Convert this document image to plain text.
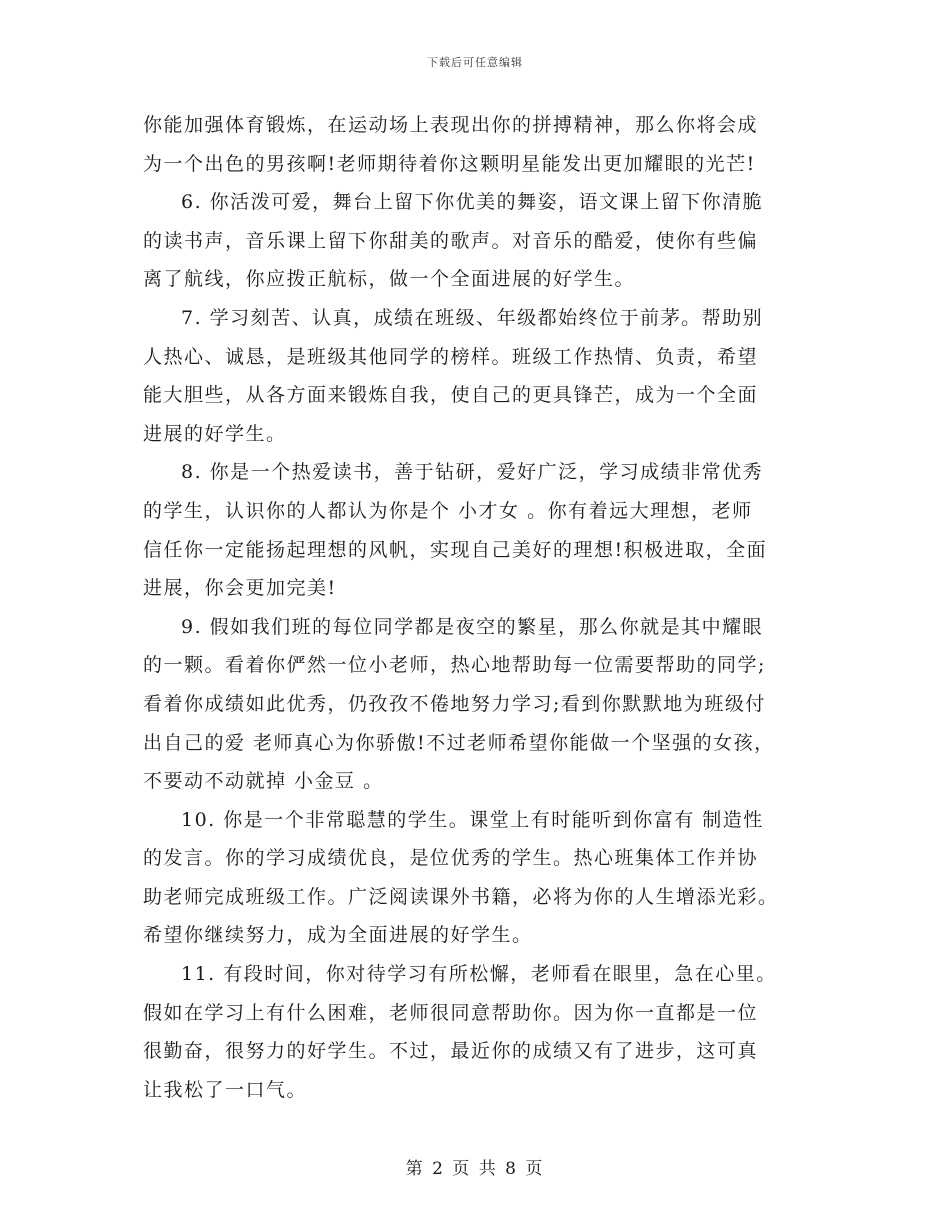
下载后可任意编辑
你能加强体育锻炼，在运动场上表现出你的拼搏精神，那么你将会成
为一个出色的男孩啊!老师期待着你这颗明星能发出更加耀眼的光芒!
6. 你活泼可爱，舞台上留下你优美的舞姿，语文课上留下你清脆
的读书声，音乐课上留下你甜美的歌声。对音乐的酷爱，使你有些偏
离了航线，你应拨正航标，做一个全面进展的好学生。
7. 学习刻苦、认真，成绩在班级、年级都始终位于前茅。帮助别
人热心、诚恳，是班级其他同学的榜样。班级工作热情、负责，希望
能大胆些，从各方面来锻炼自我，使自己的更具锋芒，成为一个全面
进展的好学生。
8. 你是一个热爱读书，善于钻研，爱好广泛，学习成绩非常优秀
的学生，认识你的人都认为你是个 小才女 。你有着远大理想，老师
信任你一定能扬起理想的风帆，实现自己美好的理想!积极进取，全面
进展，你会更加完美!
9. 假如我们班的每位同学都是夜空的繁星，那么你就是其中耀眼
的一颗。看着你俨然一位小老师，热心地帮助每一位需要帮助的同学;
看着你成绩如此优秀，仍孜孜不倦地努力学习;看到你默默地为班级付
出自己的爱 老师真心为你骄傲!不过老师希望你能做一个坚强的女孩，
不要动不动就掉 小金豆 。
10. 你是一个非常聪慧的学生。课堂上有时能听到你富有 制造性
的发言。你的学习成绩优良，是位优秀的学生。热心班集体工作并协
助老师完成班级工作。广泛阅读课外书籍，必将为你的人生增添光彩。
希望你继续努力，成为全面进展的好学生。
11. 有段时间，你对待学习有所松懈，老师看在眼里，急在心里。
假如在学习上有什么困难，老师很同意帮助你。因为你一直都是一位
很勤奋，很努力的好学生。不过，最近你的成绩又有了进步，这可真
让我松了一口气。
第 2 页 共 8 页
